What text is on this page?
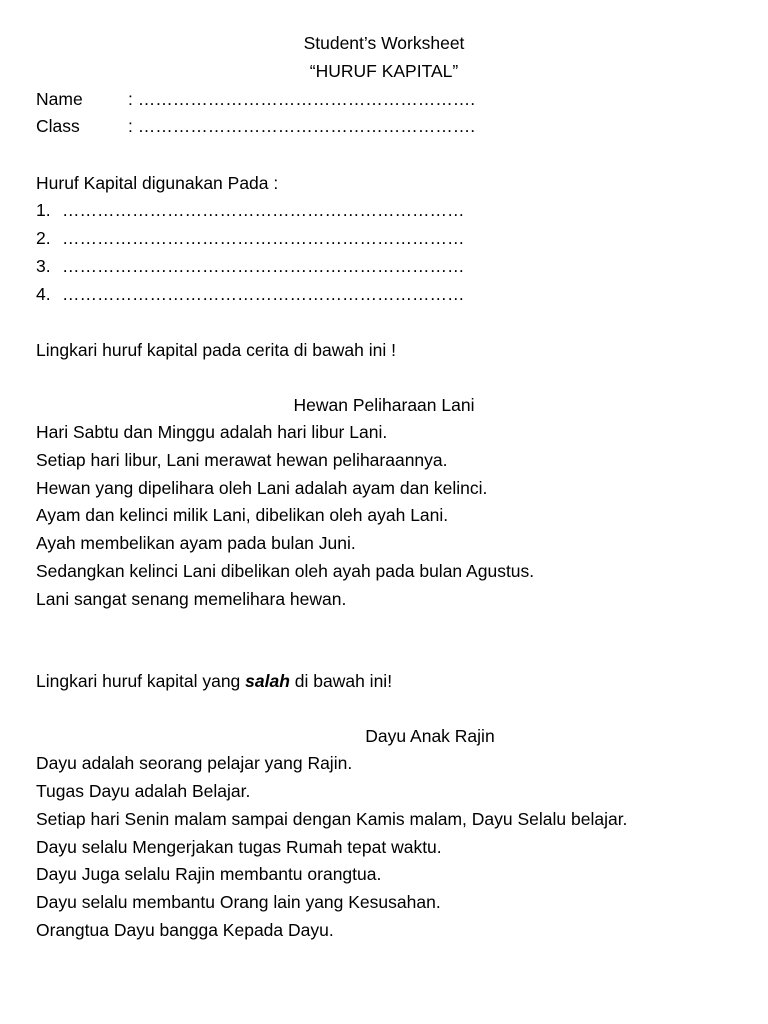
Student’s Worksheet
“HURUF KAPITAL”
Name	: ………………………………………………….
Class	: ………………………………………………….
Huruf Kapital digunakan Pada :
1. ……………………………………………………………
2. ……………………………………………………………
3. ……………………………………………………………
4. ……………………………………………………………
Lingkari huruf kapital pada cerita di bawah ini !
Hewan Peliharaan Lani
Hari Sabtu dan Minggu adalah hari libur Lani.
Setiap hari libur, Lani merawat hewan peliharaannya.
Hewan yang dipelihara oleh Lani adalah ayam dan kelinci.
Ayam dan kelinci milik Lani, dibelikan oleh ayah Lani.
Ayah membelikan ayam pada bulan Juni.
Sedangkan kelinci Lani dibelikan oleh ayah pada bulan Agustus.
Lani sangat senang memelihara hewan.
Lingkari huruf kapital yang salah di bawah ini!
Dayu Anak Rajin
Dayu adalah seorang pelajar yang Rajin.
Tugas Dayu adalah Belajar.
Setiap hari Senin malam sampai dengan Kamis malam, Dayu Selalu belajar.
Dayu selalu Mengerjakan tugas Rumah tepat waktu.
Dayu Juga selalu Rajin membantu orangtua.
Dayu selalu membantu Orang lain yang Kesusahan.
Orangtua Dayu bangga Kepada Dayu.
